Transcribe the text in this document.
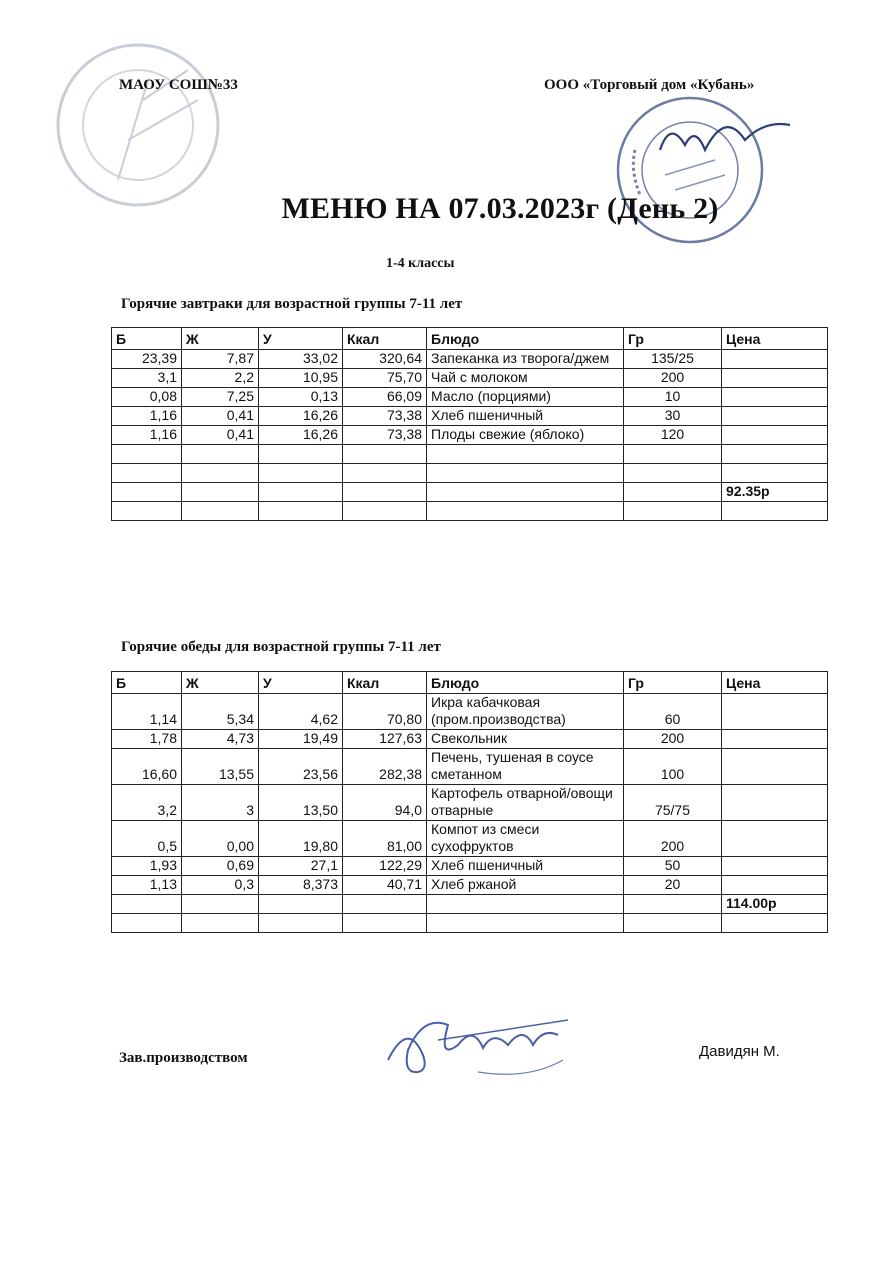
МАОУ СОШ№33	ООО «Торговый дом «Кубань»
МЕНЮ НА 07.03.2023г (День 2)
1-4 классы
Горячие завтраки для возрастной группы 7-11 лет
Б	Ж	У	Ккал	Блюдо	Гр	Цена
23,39	7,87	33,02	320,64	Запеканка из творога/джем	135/25	
3,1	2,2	10,95	75,70	Чай с молоком	200	
0,08	7,25	0,13	66,09	Масло (порциями)	10	
1,16	0,41	16,26	73,38	Хлеб пшеничный	30	
1,16	0,41	16,26	73,38	Плоды свежие (яблоко)	120	

						92.35р

Горячие обеды для возрастной группы 7-11 лет
Б	Ж	У	Ккал	Блюдо	Гр	Цена
1,14	5,34	4,62	70,80	Икра кабачковая (пром.производства)	60	
1,78	4,73	19,49	127,63	Свекольник	200	
16,60	13,55	23,56	282,38	Печень, тушеная в соусе сметанном	100	
3,2	3	13,50	94,0	Картофель отварной/овощи отварные	75/75	
0,5	0,00	19,80	81,00	Компот из смеси сухофруктов	200	
1,93	0,69	27,1	122,29	Хлеб пшеничный	50	
1,13	0,3	8,373	40,71	Хлеб ржаной	20	
						114.00р

Зав.производством	Давидян М.
